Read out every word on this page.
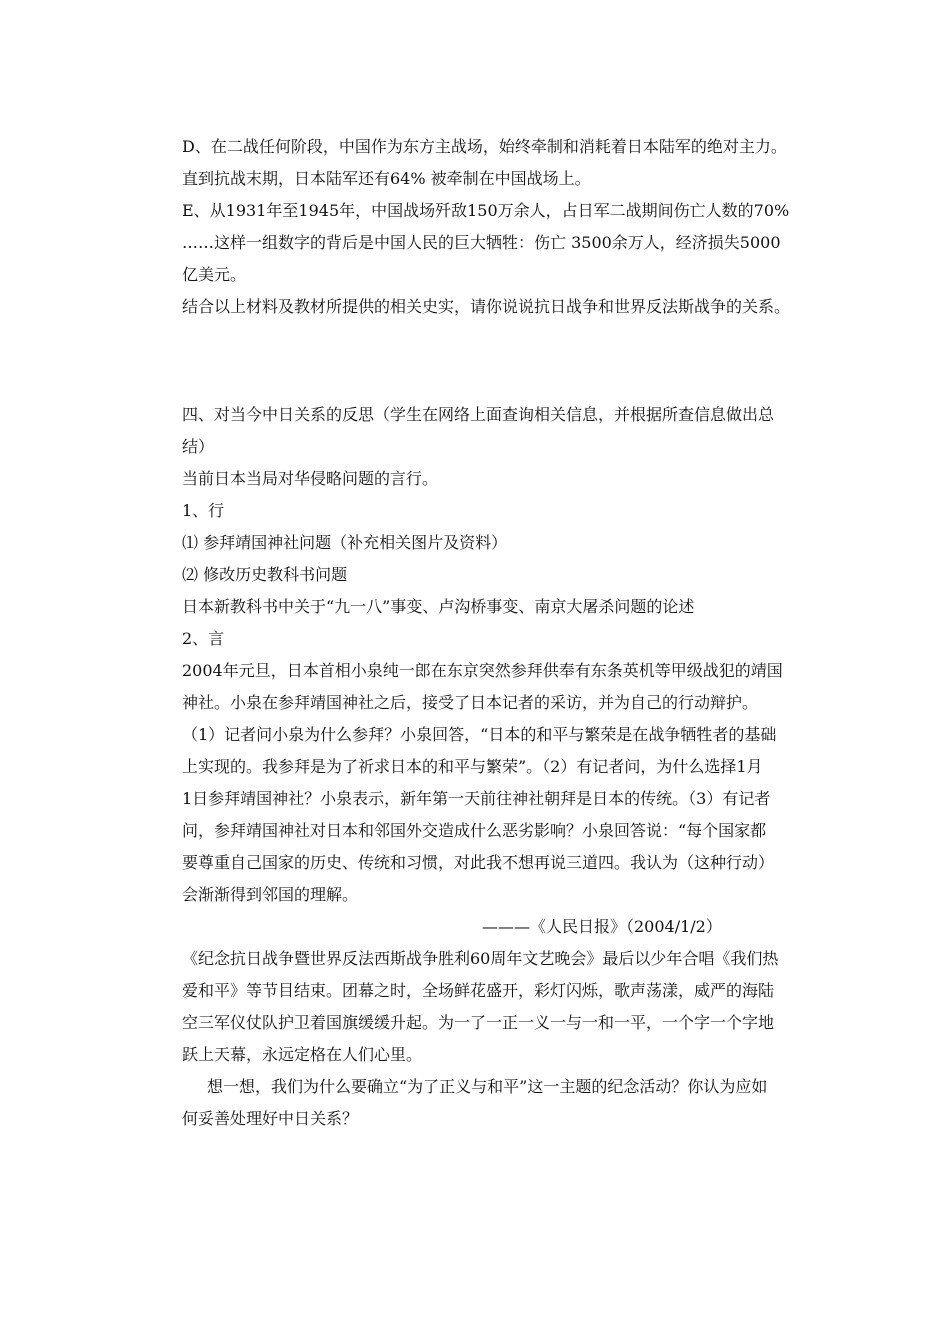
D、在二战任何阶段，中国作为东方主战场，始终牵制和消耗着日本陆军的绝对主力。
直到抗战末期，日本陆军还有64% 被牵制在中国战场上。
E、从1931年至1945年，中国战场歼敌150万余人，占日军二战期间伤亡人数的70%
……这样一组数字的背后是中国人民的巨大牺牲：伤亡 3500余万人，经济损失5000
亿美元。
结合以上材料及教材所提供的相关史实，请你说说抗日战争和世界反法斯战争的关系。
四、对当今中日关系的反思（学生在网络上面查询相关信息，并根据所查信息做出总
结）
当前日本当局对华侵略问题的言行。
1、行
⑴ 参拜靖国神社问题（补充相关图片及资料）
⑵ 修改历史教科书问题
日本新教科书中关于“九一八”事变、卢沟桥事变、南京大屠杀问题的论述
2、言
2004年元旦，日本首相小泉纯一郎在东京突然参拜供奉有东条英机等甲级战犯的靖国
神社。小泉在参拜靖国神社之后，接受了日本记者的采访，并为自己的行动辩护。
（1）记者问小泉为什么参拜？小泉回答，“日本的和平与繁荣是在战争牺牲者的基础
上实现的。我参拜是为了祈求日本的和平与繁荣”。（2）有记者问，为什么选择1月
1日参拜靖国神社？小泉表示，新年第一天前往神社朝拜是日本的传统。（3）有记者
问，参拜靖国神社对日本和邻国外交造成什么恶劣影响？小泉回答说：“每个国家都
要尊重自己国家的历史、传统和习惯，对此我不想再说三道四。我认为（这种行动）
会渐渐得到邻国的理解。
———《人民日报》（2004/1/2）
《纪念抗日战争暨世界反法西斯战争胜利60周年文艺晚会》最后以少年合唱《我们热
爱和平》等节目结束。团幕之时，全场鲜花盛开，彩灯闪烁，歌声荡漾，威严的海陆
空三军仪仗队护卫着国旗缓缓升起。为一了一正一义一与一和一平，一个字一个字地
跃上天幕，永远定格在人们心里。
想一想，我们为什么要确立“为了正义与和平”这一主题的纪念活动？你认为应如
何妥善处理好中日关系？
